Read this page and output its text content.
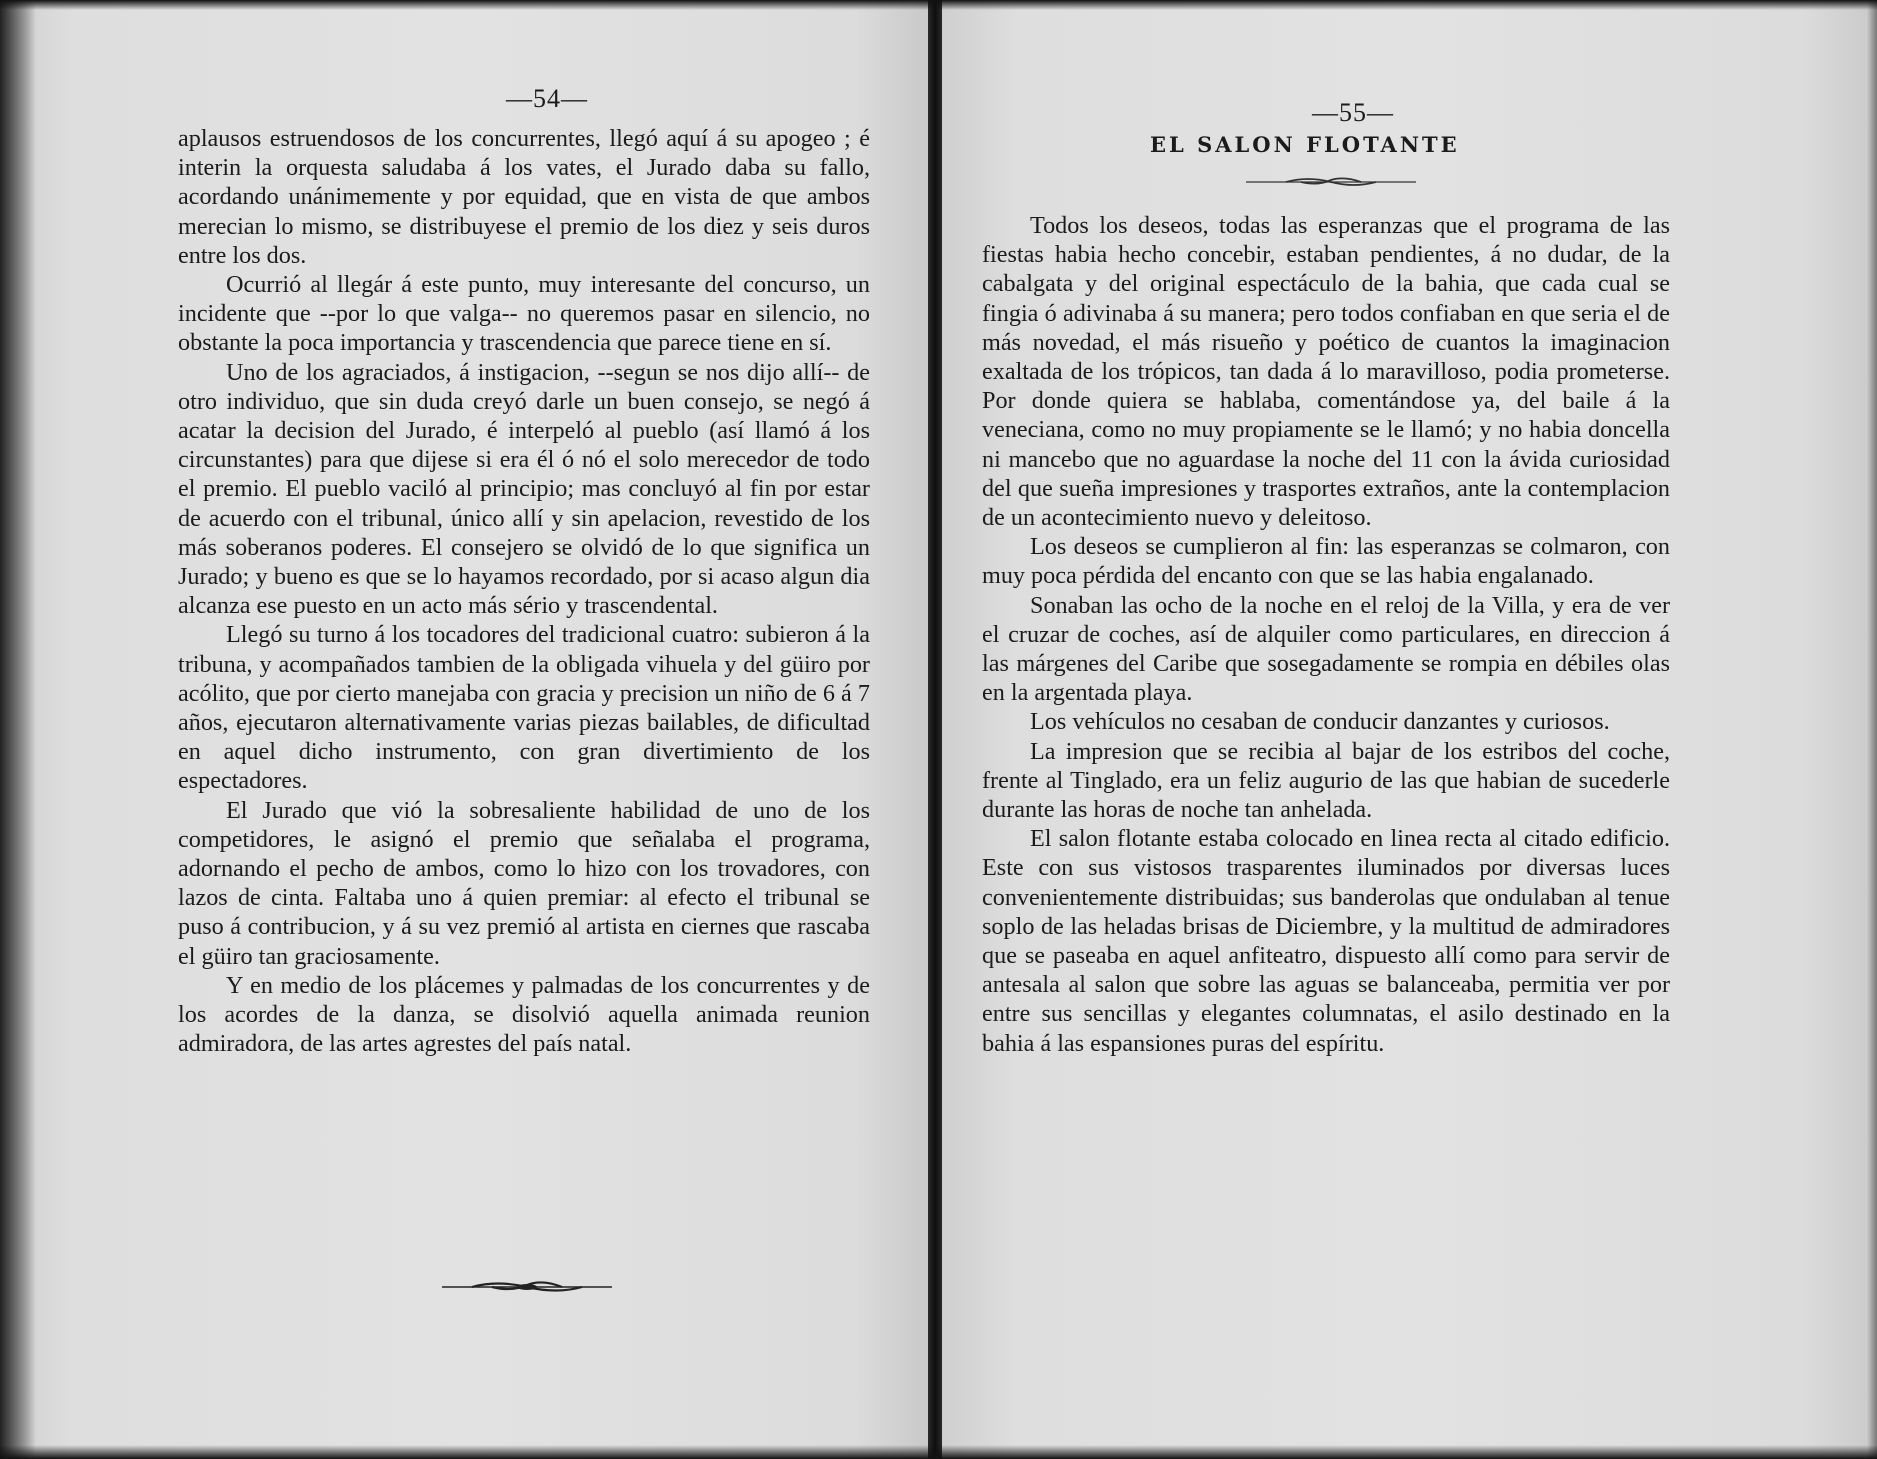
—54—

aplausos estruendosos de los concurrentes, llegó aquí á su apogeo ; é interin la orquesta saludaba á los vates, el Jurado daba su fallo, acordando unánimemente y por equidad, que en vista de que ambos merecian lo mismo, se distribuyese el premio de los diez y seis duros entre los dos.

Ocurrió al llegár á este punto, muy interesante del concurso, un incidente que --por lo que valga-- no queremos pasar en silencio, no obstante la poca importancia y trascendencia que parece tiene en sí.

Uno de los agraciados, á instigacion, --segun se nos dijo allí-- de otro individuo, que sin duda creyó darle un buen consejo, se negó á acatar la decision del Jurado, é interpeló al pueblo (así llamó á los circunstantes) para que dijese si era él ó nó el solo merecedor de todo el premio. El pueblo vaciló al principio; mas concluyó al fin por estar de acuerdo con el tribunal, único allí y sin apelacion, revestido de los más soberanos poderes. El consejero se olvidó de lo que significa un Jurado; y bueno es que se lo hayamos recordado, por si acaso algun dia alcanza ese puesto en un acto más sério y trascendental.

Llegó su turno á los tocadores del tradicional cuatro: subieron á la tribuna, y acompañados tambien de la obligada vihuela y del güiro por acólito, que por cierto manejaba con gracia y precision un niño de 6 á 7 años, ejecutaron alternativamente varias piezas bailables, de dificultad en aquel dicho instrumento, con gran divertimiento de los espectadores.

El Jurado que vió la sobresaliente habilidad de uno de los competidores, le asignó el premio que señalaba el programa, adornando el pecho de ambos, como lo hizo con los trovadores, con lazos de cinta. Faltaba uno á quien premiar: al efecto el tribunal se puso á contribucion, y á su vez premió al artista en ciernes que rascaba el güiro tan graciosamente.

Y en medio de los plácemes y palmadas de los concurrentes y de los acordes de la danza, se disolvió aquella animada reunion admiradora, de las artes agrestes del país natal.

—55—
EL SALON FLOTANTE

Todos los deseos, todas las esperanzas que el programa de las fiestas habia hecho concebir, estaban pendientes, á no dudar, de la cabalgata y del original espectáculo de la bahia, que cada cual se fingia ó adivinaba á su manera; pero todos confiaban en que seria el de más novedad, el más risueño y poético de cuantos la imaginacion exaltada de los trópicos, tan dada á lo maravilloso, podia prometerse. Por donde quiera se hablaba, comentándose ya, del baile á la veneciana, como no muy propiamente se le llamó; y no habia doncella ni mancebo que no aguardase la noche del 11 con la ávida curiosidad del que sueña impresiones y trasportes extraños, ante la contemplacion de un acontecimiento nuevo y deleitoso.

Los deseos se cumplieron al fin: las esperanzas se colmaron, con muy poca pérdida del encanto con que se las habia engalanado.

Sonaban las ocho de la noche en el reloj de la Villa, y era de ver el cruzar de coches, así de alquiler como particulares, en direccion á las márgenes del Caribe que sosegadamente se rompia en débiles olas en la argentada playa.

Los vehículos no cesaban de conducir danzantes y curiosos.

La impresion que se recibia al bajar de los estribos del coche, frente al Tinglado, era un feliz augurio de las que habian de sucederle durante las horas de noche tan anhelada.

El salon flotante estaba colocado en linea recta al citado edificio. Este con sus vistosos trasparentes iluminados por diversas luces convenientemente distribuidas; sus banderolas que ondulaban al tenue soplo de las heladas brisas de Diciembre, y la multitud de admiradores que se paseaba en aquel anfiteatro, dispuesto allí como para servir de antesala al salon que sobre las aguas se balanceaba, permitia ver por entre sus sencillas y elegantes columnatas, el asilo destinado en la bahia á las espansiones puras del espíritu.
